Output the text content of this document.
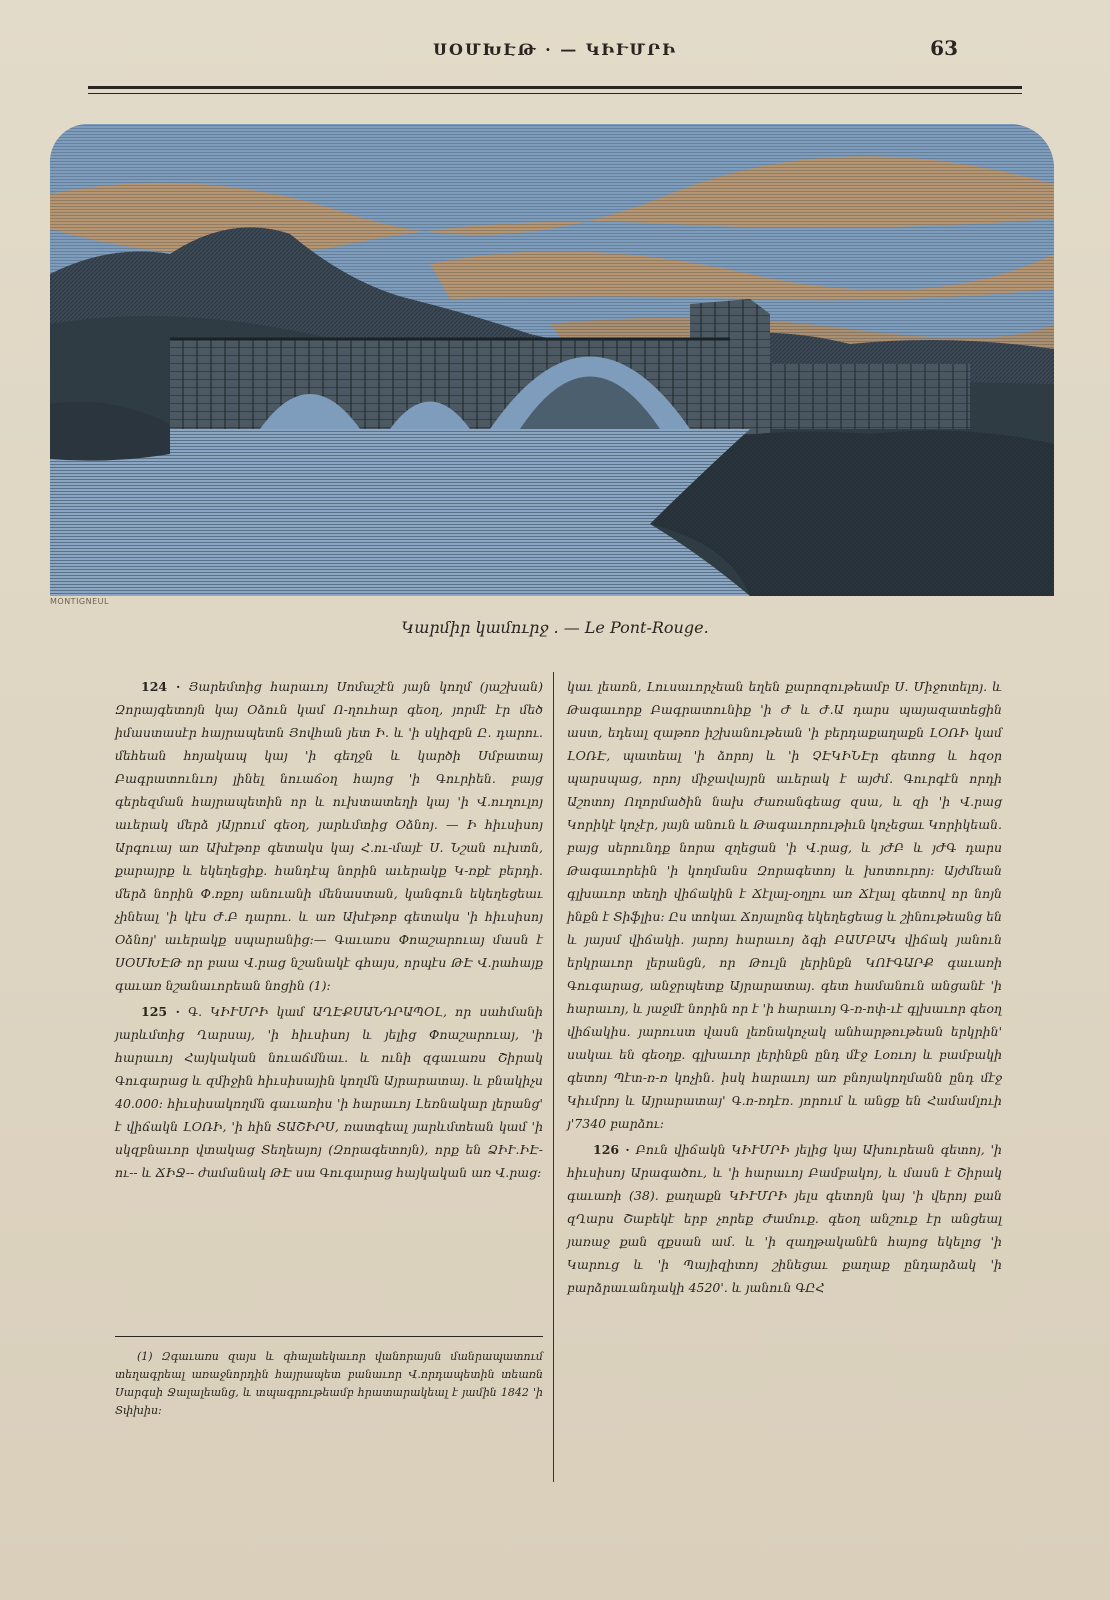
ՍՕՄԽԷԹ · — ԿԻՒՄՐԻ	63
MONTIGNEUL
Կարմիր կամուրջ . — Le Pont-Rouge.

124 · Յարեմտից հարաւոյ Սոմաշէն յայն կողմ (յաշխան) Զորայգետոյն կայ Օձուն կամ Ո-ղուհար գեօղ, յորմէ էր մեծ իմաստասէր հայրապետն Յովհան յետ Ի. և 'ի սկիզբն Ը. դարու. մեհեան հոյակապ կայ 'ի գեղջն և կարծի Սմբատայ Բագրատունւոյ լինել նուաճօղ հայոց 'ի Գուրիեն. բայց գերեզման հայրապետին որ և ուխտատեղի կայ 'ի Վ.ուղուլոյ աւերակ մերձ յԱյրում գեօղ, յարևմտից Օձնոյ. — Ի հիւսիսոյ Արգուայ առ Ախէթոբ գետակս կայ Հ.ու-մայէ Ս. Նշան ուխտն, քարայրք և եկեղեցիք. հանդէպ նորին աւերակք Կ-ռքէ բերդի. մերձ նորին Փ.ռքոյ անուանի մենաստան, կանգուն եկեղեցեաւ չինեալ 'ի կէս Ժ.Բ դարու. և առ Ախէթոբ գետակս 'ի հիւսիսոյ Օձնոյ' աւերակք սպարանից:— Գաւառս Փոաշարուայ մասն է ՍՕՄԽԷԹ որ բաա Վ.րաց նշանակէ գհայս, որպէս ԹԷ Վ.րահայք գաւառ նշանաւորեան նոցին (1):

125 · Գ. ԿԻՒՄՐԻ կամ ԱՂԷՔՍԱՆԴՐԱՊՕԼ, որ սահմանի յարևմտից Ղարսայ, 'ի հիւսիսոյ և յելից Փոաշարուայ, 'ի հարաւոյ Հայկական նուաճմնաւ. և ունի զգաւառս Շիրակ Գուգարաց և զմիջին հիւսիսային կողմն Այրարատայ. և բնակիչս 40.000: հիւսիսակողմն գաւառիս 'ի հարաւոյ Լեռնակար լերանց' է վիճակն ԼՕՌԻ, 'ի հին ՏԱՇԻՐՍ, ռատգեալ յարևմտեան կամ 'ի սկզբնաւոր վտակաց Տեղեայոյ (Զորագետոյն), որք են ՁԻՒ․ԻԷ-ու-- և ՃԻՋ-- ժամանակ ԹԷ սա Գուգարաց հայկական առ Վ.րաց։

կաւ լեառն, Լուսաւորչեան եղեն քարոզութեամբ Ս. Միջոտելոյ. և Թագաւորք Բագրատունիք 'ի Ժ և Ժ.Ա դարս պայազատեցին աստ, եդեալ զաթոռ իշխանութեան 'ի բերդաքաղաքն ԼՕՌԻ կամ ԼՕՌԷ, պատեալ 'ի ձորոյ և 'ի ՉԷԿԻՆԷր գետոց և հզօր պարսպաց, որոյ միջավայրն աւերակ է այժմ. Գուրգէն որդի Աշոտոյ Ողորմածին նախ Ժառանգեաց զսա, և զի 'ի Վ.րաց Կորիկէ կոչէր, յայն անուն և Թագաւորութիւն կոչեցաւ Կորիկեան. բայց սերունդք նորա զղեցան 'ի Վ.րաց, և յԺԲ և յԺԳ դարս Թագաւորեին 'ի կողմանս Զորագետոյ և խոտուրոյ։ Այժմեան գլխաւոր տեղի վիճակին է Ճէլալ-օղլու առ Ճէլալ գետով որ նոյն ինքն է Տիֆլիս: Ըս տոկաւ Ճոյալոնգ եկեղեցեաց և շինութեանց են և յայսմ վիճակի. յարոյ հարաւոյ ձգի ԲԱՄԲԱԿ վիճակ յանուն երկրաւոր լերանցն, որ Թուլն լերինքն ԿՈՒԳԱՐՔ գաւառի Գուգարաց, անջրպետք Այրարատայ. գետ համանուն անցանէ 'ի հարաւոյ, և յաջմէ նորին որ է 'ի հարաւոյ Գ-ռ-ոփ-ւէ գլխաւոր գեօղ վիճակիս. յարուստ վասն լեռնակոչակ անհարթութեան երկրին' սակաւ են գեօղք. գլխաւոր լերինքն ընդ մէջ Լօռւոյ և բամբակի գետոյ Պէտ-ռ-ռ կոչին. իսկ հարաւոյ առ բնոյակողմանն ընդ մէջ Կիւմրոյ և Այրարատայ' Գ.ռ-ռդէռ. յորում և անցք են Համամլուի յ'7340 բարձու:

126 · Բուն վիճակն ԿԻՒՄՐԻ յելից կայ Ախուրեան գետոյ, 'ի հիւսիսոյ Արագածու, և 'ի հարաւոյ Բամբակոյ, և մասն է Շիրակ գաւառի (38). քաղաքն ԿԻՒՄՐԻ յելս գետոյն կայ 'ի վերոյ քան զՂարս Շաբեկէ երբ չորեք Ժամուք. գեօղ անշուք էր անցեալ յառաջ քան զքսան ամ. և 'ի զաղթականէն հայոց եկելոց 'ի Կարուց և 'ի Պայիզիտոյ շինեցաւ քաղաք ընդարձակ 'ի բարձրաւանդակի 4520'. և յանուն ԳԸՀ

(1) Զգաւառս զայս և զհալաեկաւոր վանորայսն մանրապատում տեղագրեալ առաջնորդին հայրապետ բանաւոր Վ.որդապետին տեառն Սարգսի Ջալալեանց, և տպագրութեամբ հրատարակեալ է յամին 1842 'ի Տփխիս:
